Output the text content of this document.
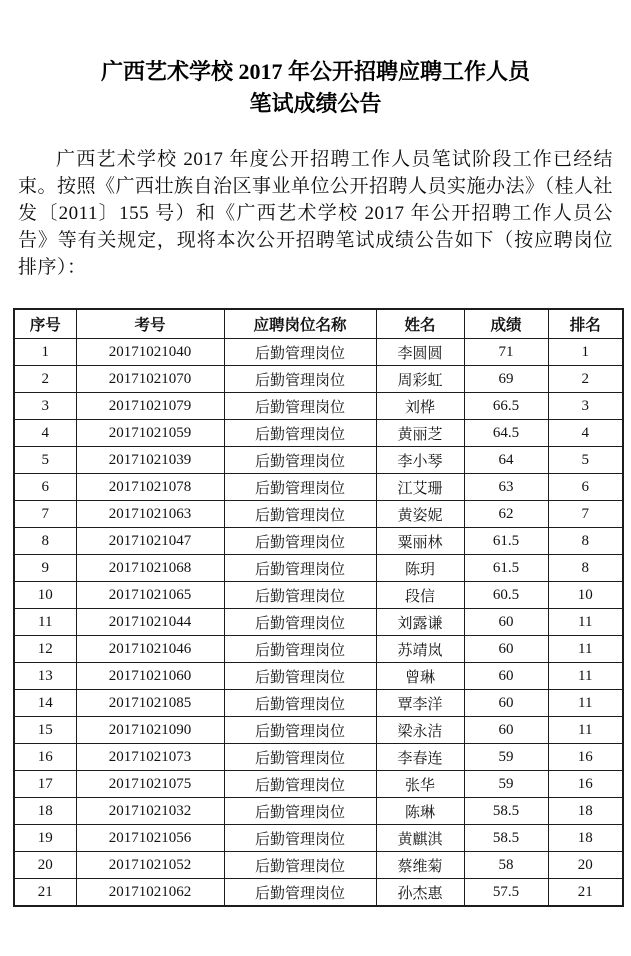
广西艺术学校 2017 年公开招聘应聘工作人员
笔试成绩公告

广西艺术学校 2017 年度公开招聘工作人员笔试阶段工作已经结束。按照《广西壮族自治区事业单位公开招聘人员实施办法》（桂人社发〔2011〕155 号）和《广西艺术学校 2017 年公开招聘工作人员公告》等有关规定，现将本次公开招聘笔试成绩公告如下（按应聘岗位排序）：

序号	考号	应聘岗位名称	姓名	成绩	排名
1	20171021040	后勤管理岗位	李圆圆	71	1
2	20171021070	后勤管理岗位	周彩虹	69	2
3	20171021079	后勤管理岗位	刘桦	66.5	3
4	20171021059	后勤管理岗位	黄丽芝	64.5	4
5	20171021039	后勤管理岗位	李小琴	64	5
6	20171021078	后勤管理岗位	江艾珊	63	6
7	20171021063	后勤管理岗位	黄姿妮	62	7
8	20171021047	后勤管理岗位	粟丽林	61.5	8
9	20171021068	后勤管理岗位	陈玥	61.5	8
10	20171021065	后勤管理岗位	段信	60.5	10
11	20171021044	后勤管理岗位	刘露谦	60	11
12	20171021046	后勤管理岗位	苏靖岚	60	11
13	20171021060	后勤管理岗位	曾琳	60	11
14	20171021085	后勤管理岗位	覃李洋	60	11
15	20171021090	后勤管理岗位	梁永洁	60	11
16	20171021073	后勤管理岗位	李春连	59	16
17	20171021075	后勤管理岗位	张华	59	16
18	20171021032	后勤管理岗位	陈琳	58.5	18
19	20171021056	后勤管理岗位	黄麒淇	58.5	18
20	20171021052	后勤管理岗位	蔡维菊	58	20
21	20171021062	后勤管理岗位	孙杰惠	57.5	21
